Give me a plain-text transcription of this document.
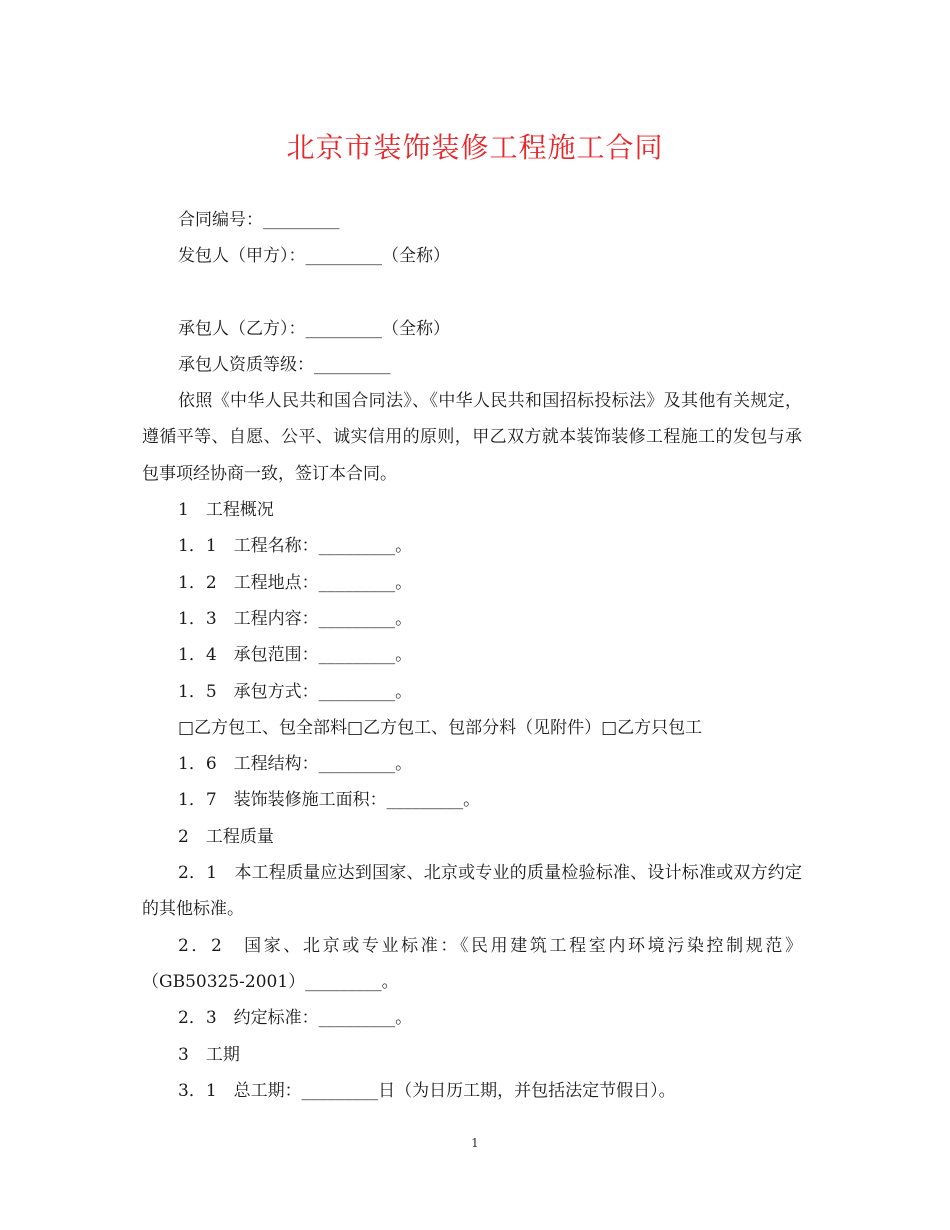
北京市装饰装修工程施工合同

合同编号：_________

发包人（甲方）：_________（全称）

承包人（乙方）：_________（全称）

承包人资质等级：_________

依照《中华人民共和国合同法》、《中华人民共和国招标投标法》及其他有关规定，遵循平等、自愿、公平、诚实信用的原则，甲乙双方就本装饰装修工程施工的发包与承包事项经协商一致，签订本合同。

1　工程概况

1．1　工程名称：_________。

1．2　工程地点：_________。

1．3　工程内容：_________。

1．4　承包范围：_________。

1．5　承包方式：_________。

□乙方包工、包全部料□乙方包工、包部分料（见附件）□乙方只包工

1．6　工程结构：_________。

1．7　装饰装修施工面积：_________。

2　工程质量

2．1　本工程质量应达到国家、北京或专业的质量检验标准、设计标准或双方约定的其他标准。

2．2　国家、北京或专业标准：《民用建筑工程室内环境污染控制规范》（GB50325-2001）_________。

2．3　约定标准：_________。

3　工期

3．1　总工期：_________日（为日历工期，并包括法定节假日）。

1
